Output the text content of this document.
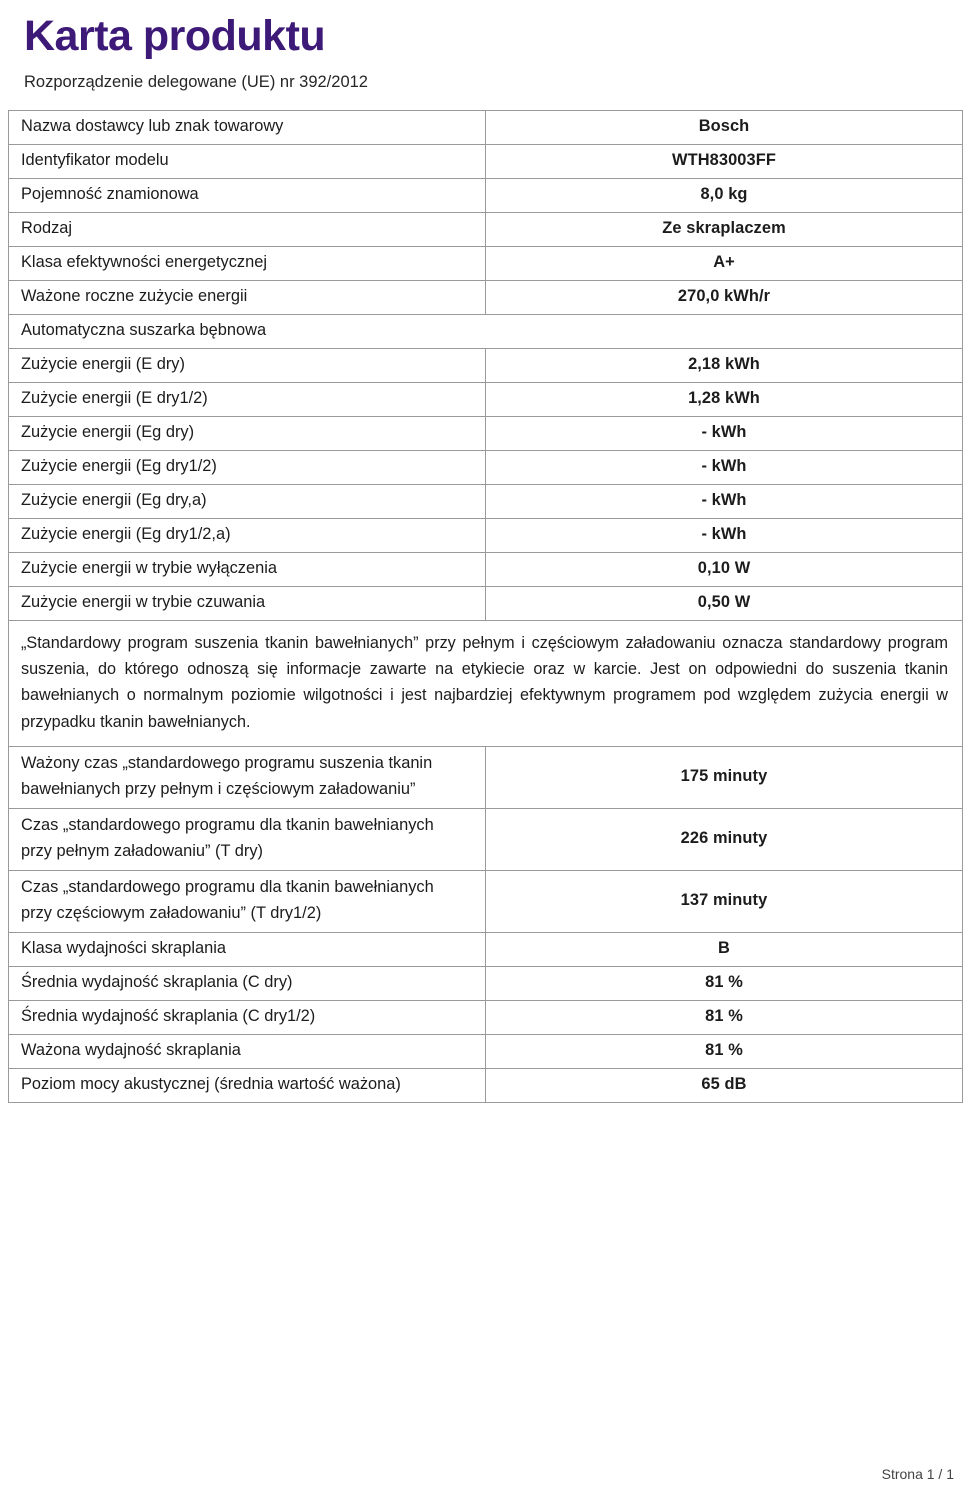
Karta produktu
Rozporządzenie delegowane (UE) nr 392/2012
Nazwa dostawcy lub znak towarowy	Bosch
Identyfikator modelu	WTH83003FF
Pojemność znamionowa	8,0 kg
Rodzaj	Ze skraplaczem
Klasa efektywności energetycznej	A+
Ważone roczne zużycie energii	270,0 kWh/r
Automatyczna suszarka bębnowa	
Zużycie energii (E dry)	2,18 kWh
Zużycie energii (E dry1/2)	1,28 kWh
Zużycie energii (Eg dry)	- kWh
Zużycie energii (Eg dry1/2)	- kWh
Zużycie energii (Eg dry,a)	- kWh
Zużycie energii (Eg dry1/2,a)	- kWh
Zużycie energii w trybie wyłączenia	0,10 W
Zużycie energii w trybie czuwania	0,50 W

„Standardowy program suszenia tkanin bawełnianych” przy pełnym i częściowym załadowaniu oznacza standardowy program suszenia, do którego odnoszą się informacje zawarte na etykiecie oraz w karcie. Jest on odpowiedni do suszenia tkanin bawełnianych o normalnym poziomie wilgotności i jest najbardziej efektywnym programem pod względem zużycia energii w przypadku tkanin bawełnianych.	

Ważony czas „standardowego programu suszenia tkanin
bawełnianych przy pełnym i częściowym załadowaniu”	175 minuty
Czas „standardowego programu dla tkanin bawełnianych
przy pełnym załadowaniu” (T dry)	226 minuty
Czas „standardowego programu dla tkanin bawełnianych
przy częściowym załadowaniu” (T dry1/2)	137 minuty
Klasa wydajności skraplania	B
Średnia wydajność skraplania (C dry)	81 %
Średnia wydajność skraplania (C dry1/2)	81 %
Ważona wydajność skraplania	81 %
Poziom mocy akustycznej (średnia wartość ważona)	65 dB
Strona 1 / 1
